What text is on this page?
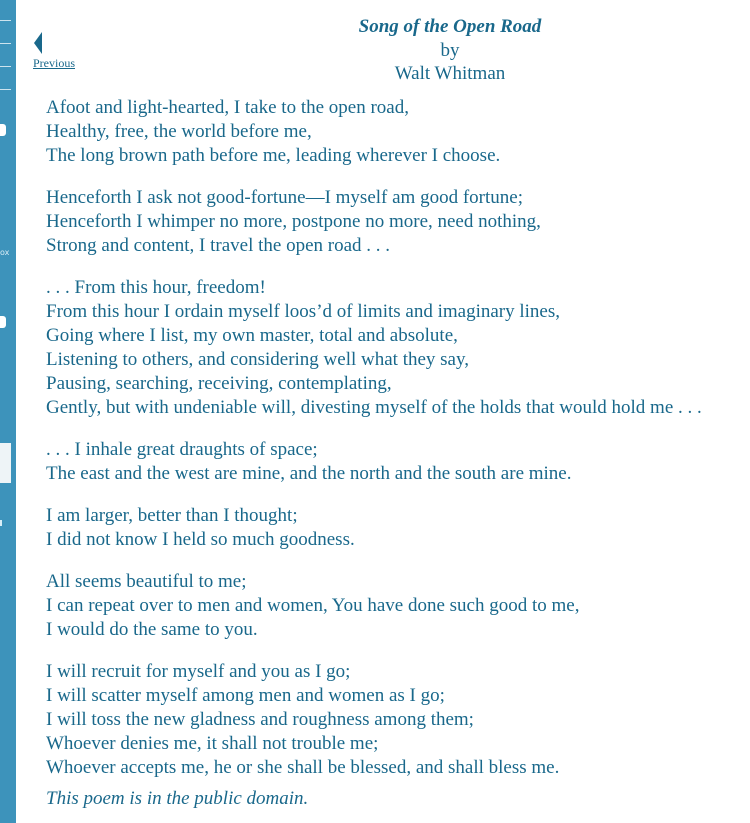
ox
Previous
Song of the Open Road
by
Walt Whitman
Afoot and light-hearted, I take to the open road,
Healthy, free, the world before me,
The long brown path before me, leading wherever I choose.
Henceforth I ask not good-fortune—I myself am good fortune;
Henceforth I whimper no more, postpone no more, need nothing,
Strong and content, I travel the open road . . .
. . . From this hour, freedom!
From this hour I ordain myself loos’d of limits and imaginary lines,
Going where I list, my own master, total and absolute,
Listening to others, and considering well what they say,
Pausing, searching, receiving, contemplating,
Gently, but with undeniable will, divesting myself of the holds that would hold me . . .
. . . I inhale great draughts of space;
The east and the west are mine, and the north and the south are mine.
I am larger, better than I thought;
I did not know I held so much goodness.
All seems beautiful to me;
I can repeat over to men and women, You have done such good to me,
I would do the same to you.
I will recruit for myself and you as I go;
I will scatter myself among men and women as I go;
I will toss the new gladness and roughness among them;
Whoever denies me, it shall not trouble me;
Whoever accepts me, he or she shall be blessed, and shall bless me.
This poem is in the public domain.
